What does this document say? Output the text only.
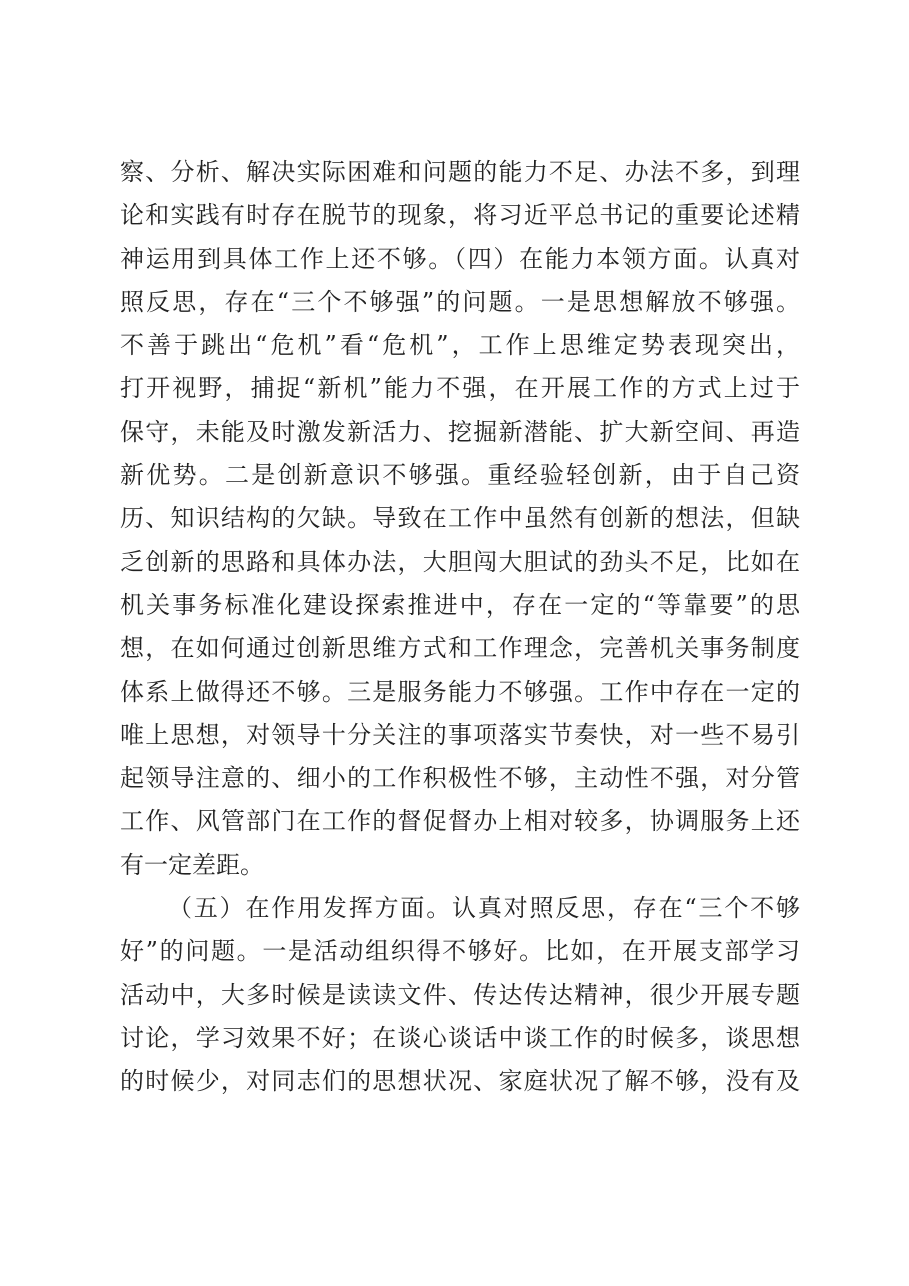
察、分析、解决实际困难和问题的能力不足、办法不多，到理
论和实践有时存在脱节的现象，将习近平总书记的重要论述精
神运用到具体工作上还不够。（四）在能力本领方面。认真对
照反思，存在“三个不够强”的问题。一是思想解放不够强。
不善于跳出“危机”看“危机”，工作上思维定势表现突出，
打开视野，捕捉“新机”能力不强，在开展工作的方式上过于
保守，未能及时激发新活力、挖掘新潜能、扩大新空间、再造
新优势。二是创新意识不够强。重经验轻创新，由于自己资
历、知识结构的欠缺。导致在工作中虽然有创新的想法，但缺
乏创新的思路和具体办法，大胆闯大胆试的劲头不足，比如在
机关事务标准化建设探索推进中，存在一定的“等靠要”的思
想，在如何通过创新思维方式和工作理念，完善机关事务制度
体系上做得还不够。三是服务能力不够强。工作中存在一定的
唯上思想，对领导十分关注的事项落实节奏快，对一些不易引
起领导注意的、细小的工作积极性不够，主动性不强，对分管
工作、风管部门在工作的督促督办上相对较多，协调服务上还
有一定差距。
（五）在作用发挥方面。认真对照反思，存在“三个不够
好”的问题。一是活动组织得不够好。比如，在开展支部学习
活动中，大多时候是读读文件、传达传达精神，很少开展专题
讨论，学习效果不好；在谈心谈话中谈工作的时候多，谈思想
的时候少，对同志们的思想状况、家庭状况了解不够，没有及
